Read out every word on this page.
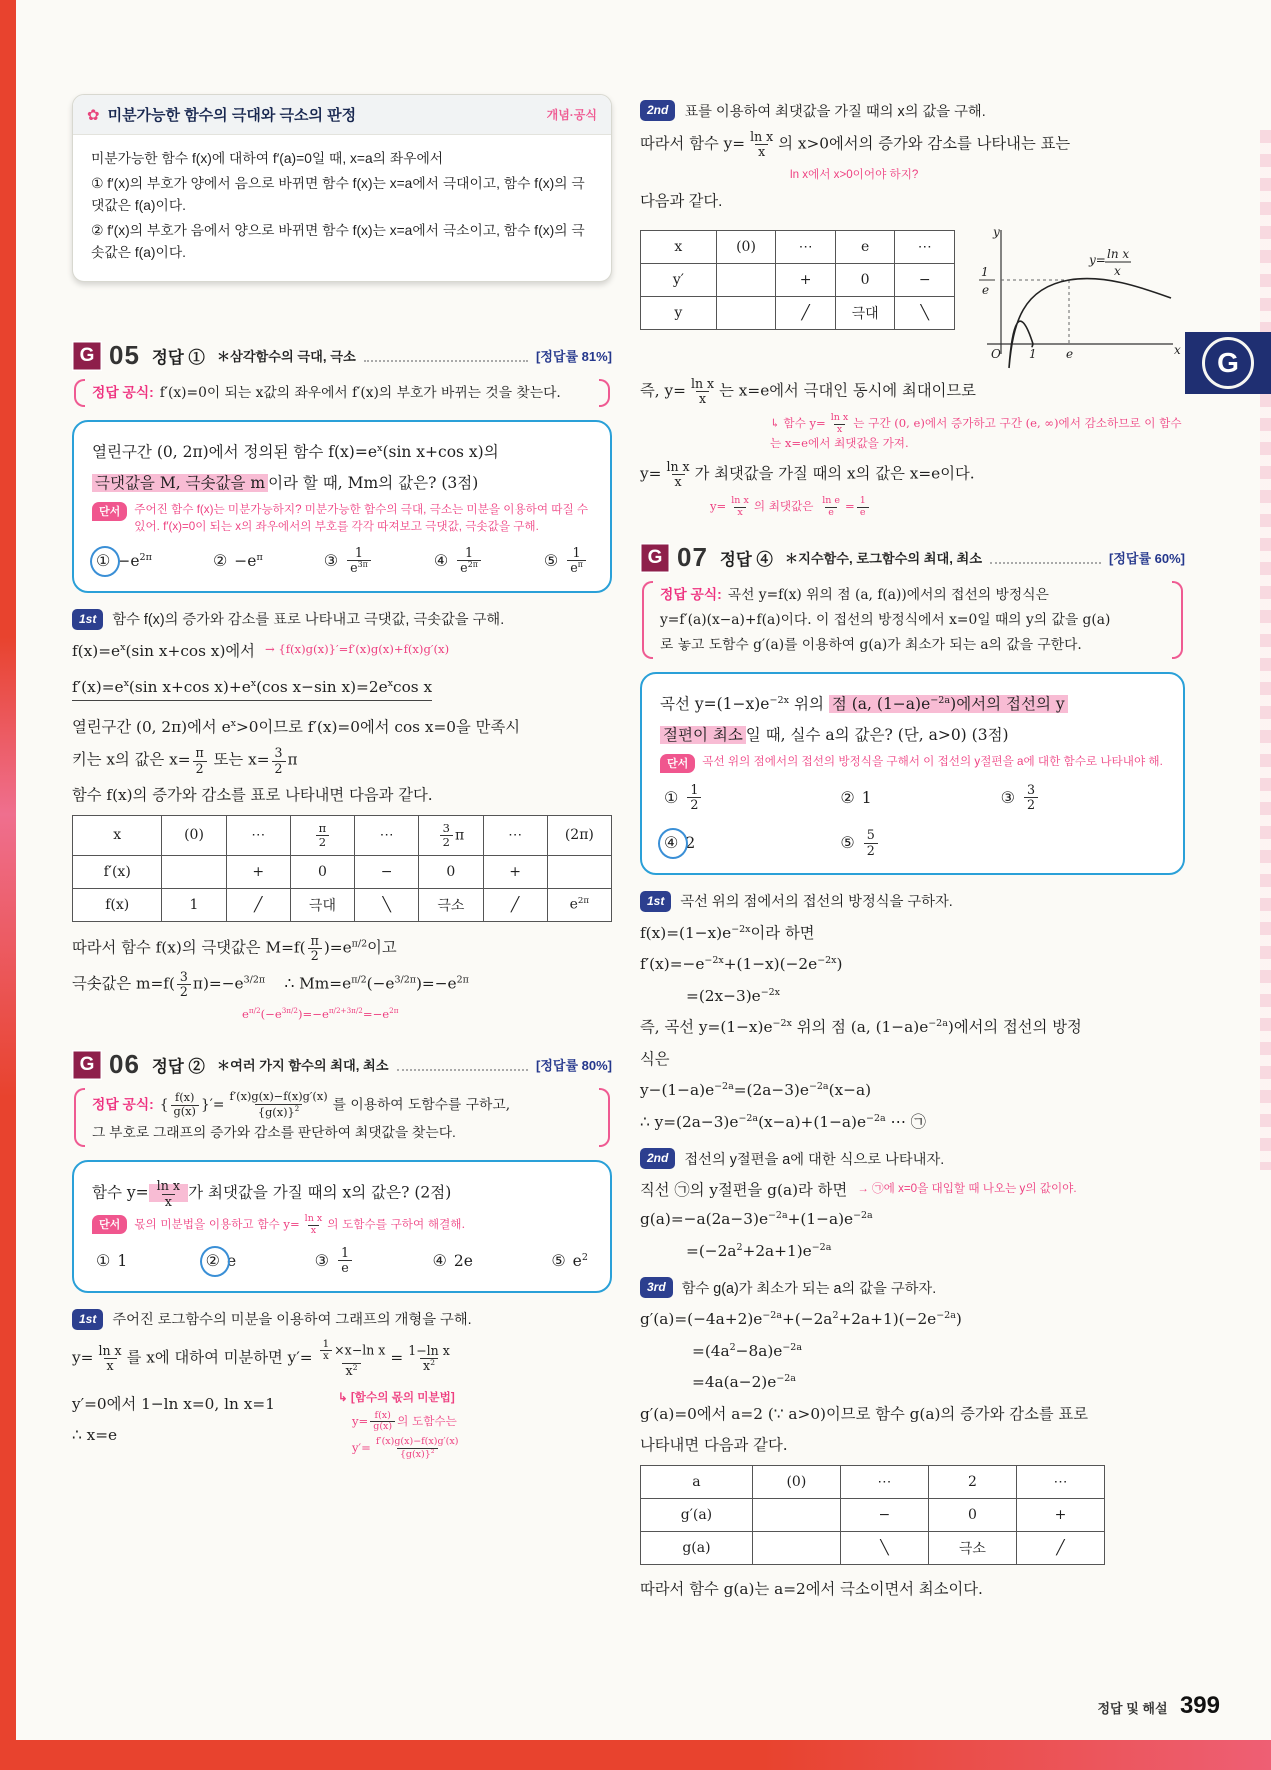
G
✿ 미분가능한 함수의 극대와 극소의 판정	개념·공식

미분가능한 함수 f(x)에 대하여 f′(a)=0일 때, x=a의 좌우에서

① f′(x)의 부호가 양에서 음으로 바뀌면 함수 f(x)는 x=a에서 극대이고, 함수 f(x)의 극댓값은 f(a)이다.

② f′(x)의 부호가 음에서 양으로 바뀌면 함수 f(x)는 x=a에서 극소이고, 함수 f(x)의 극솟값은 f(a)이다.

G 05 정답 ① ＊삼각함수의 극대, 극소	[정답률 81%]
정답 공식: f′(x)=0이 되는 x값의 좌우에서 f′(x)의 부호가 바뀌는 것을 찾는다.

열린구간 (0, 2π)에서 정의된 함수 $f(x)=e^x(\sin$ x+cos x)의

극댓값을 M, 극솟값을 m 이라 할 때, Mm의 값은? (3점)

단서	주어진 함수 f(x)는 미분가능하지? 미분가능한 함수의 극대, 극소는 미분을 이용하여 따질 수 있어. f′(x)=0이 되는 x의 좌우에서의 부호를 각각 따져보고 극댓값, 극솟값을 구해.
① $-e^{2\pi}$	② $-e^\pi$	③ $\frac{1}{e^{3\pi}}$	④ $\frac{1}{e^{2\pi}}$	⑤ $\frac{1}{e^\pi}$
1st	함수 f(x)의 증가와 감소를 표로 나타내고 극댓값, 극솟값을 구해.
$f(x)=e^x(\sin$ x+cos x)에서 → {f(x)g(x)}′=f′(x)g(x)+f(x)g′(x)

$f'(x)=e^x(\sin$ x+cos $x)+e^x(\cos$ x−sin $x)=2e^x\cos$ x

열린구간 (0, 2π)에서 $e^x>0$이므로 f′(x)=0에서 cos x=0을 만족시

키는 x의 값은 $x= \frac{\pi}{2}$ 또는 $x= \frac{3}{2}$ π

함수 f(x)의 증가와 감소를 표로 나타내면 다음과 같다.

x	(0)	⋯	$\frac{\pi}{2}$	⋯	$\frac{3}{2}$ π	⋯	(2π)
f′(x)		+	0	−	0	+	
f(x)	1	╱	극대	╲	극소	╱	$e^{2\pi}$

따라서 함수 f(x)의 극댓값은 $M=f( \frac{\pi}{2} )=e^{\pi/2}$이고

극솟값은 $m=f( \frac{3}{2} \pi)=-e^{3/2\pi}$    ∴ $Mm=e^{\pi/2}(-e^{3/2\pi})=-e^{2\pi}$

$e^{\pi/2}(-e^{3\pi/2})=-e^{\pi/2+3\pi/2}=-e^{2\pi}$

G 06 정답 ② ＊여러 가지 함수의 최대, 최소	[정답률 80%]
정답 공식: { $\frac{f(x)}{g(x)}$ }′= $\frac{f'(x)g(x)-f(x)g'(x)}{\{g(x)\}^2}$ 를 이용하여 도함수를 구하고,
그 부호로 그래프의 증가와 감소를 판단하여 최댓값을 찾는다.

함수 $y= \frac{\text{ln x}}{x}$ 가 최댓값을 가질 때의 x의 값은? (2점)

단서	몫의 미분법을 이용하고 함수 $y= \frac{\text{ln x}}{x}$ 의 도함수를 구하여 해결해.
① 1	② e	③ $\frac{1}{e}$	④ 2e	⑤ $e^2$
1st	주어진 로그함수의 미분을 이용하여 그래프의 개형을 구해.

$y= \frac{\text{ln x}}{x}$ 를 x에 대하여 미분하면 $y'= \frac{\frac{1}{x} \times x-\ln x}{x^2} = \frac{\text{1−ln x}}{x^2}$

y′=0에서 1−ln x=0, ln x=1

∴ x=e

↳ [함수의 몫의 미분법]
$y= \frac{f(x)}{g(x)}$ 의 도함수는
$y'= \frac{f'(x)g(x)-f(x)g'(x)}{\{g(x)\}^2}$
2nd	표를 이용하여 최댓값을 가질 때의 x의 값을 구해.

따라서 함수 $y= \frac{\text{ln x}}{x}$ 의 x>0에서의 증가와 감소를 나타내는 표는

ln x에서 x>0이어야 하지?

다음과 같다.

x	(0)	⋯	e	⋯
y′		+	0	−
y		╱	극대	╲
y
1
e
O 1 e	x
y= ln x
x

즉, $y= \frac{\text{ln x}}{x}$ 는 x=e에서 극대인 동시에 최대이므로

↳ 함수 $y= \frac{\text{ln x}}{x}$ 는 구간 (0, e)에서 증가하고 구간 (e, ∞)에서 감소하므로 이 함수는 x=e에서 최댓값을 가져.

$y= \frac{\text{ln x}}{x}$ 가 최댓값을 가질 때의 x의 값은 x=e이다.

$y= \frac{\text{ln x}}{x}$ 의 최댓값은 $\frac{\text{ln e}}{e} = \frac{1}{e}$

G 07 정답 ④ ＊지수함수, 로그함수의 최대, 최소	[정답률 60%]
정답 공식: 곡선 y=f(x) 위의 점 (a, f(a))에서의 접선의 방정식은
y=f′(a)(x−a)+f(a)이다. 이 접선의 방정식에서 x=0일 때의 y의 값을 g(a)
로 놓고 도함수 g′(a)를 이용하여 g(a)가 최소가 되는 a의 값을 구한다.

곡선 $y=(1-x)e^{-2x}$ 위의 점 (a, $(1-a)e^{-2a}$)에서의 접선의 y

절편이 최소 일 때, 실수 a의 값은? (단, a>0) (3점)

단서	곡선 위의 점에서의 접선의 방정식을 구해서 이 접선의 y절편을 a에 대한 함수로 나타내야 해.
① $\frac{1}{2}$	② 1	③ $\frac{3}{2}$
④ 2	⑤ $\frac{5}{2}$
1st	곡선 위의 점에서의 접선의 방정식을 구하자.

$f(x)=(1-x)e^{-2x}$이라 하면

$f'(x)=-e^{-2x}+(1-x)(-2e^{-2x})$

$=(2x-3)e^{-2x}$

즉, 곡선 $y=(1-x)e^{-2x}$ 위의 점 (a, $(1-a)e^{-2a}$)에서의 접선의 방정

식은

$y-(1-a)e^{-2a}=(2a-3)e^{-2a}(x-a)$

∴ $y=(2a-3)e^{-2a}(x-a)+(1-a)e^{-2a}$ ⋯ ㉠

2nd	접선의 y절편을 a에 대한 식으로 나타내자.
직선 ㉠의 y절편을 g(a)라 하면 → ㉠에 x=0을 대입할 때 나오는 y의 값이야.

$g(a)=-a(2a-3)e^{-2a}+(1-a)e^{-2a}$

$=(-2a^2+2a+1)e^{-2a}$

3rd	함수 g(a)가 최소가 되는 a의 값을 구하자.

$g'(a)=(-4a+2)e^{-2a}+(-2a^2+2a+1)(-2e^{-2a})$

$=(4a^2-8a)e^{-2a}$

$=4a(a-2)e^{-2a}$

g′(a)=0에서 a=2 (∵ a>0)이므로 함수 g(a)의 증가와 감소를 표로

나타내면 다음과 같다.

a	(0)	⋯	2	⋯
g′(a)		−	0	+
g(a)		╲	극소	╱

따라서 함수 g(a)는 a=2에서 극소이면서 최소이다.

정답 및 해설 399
